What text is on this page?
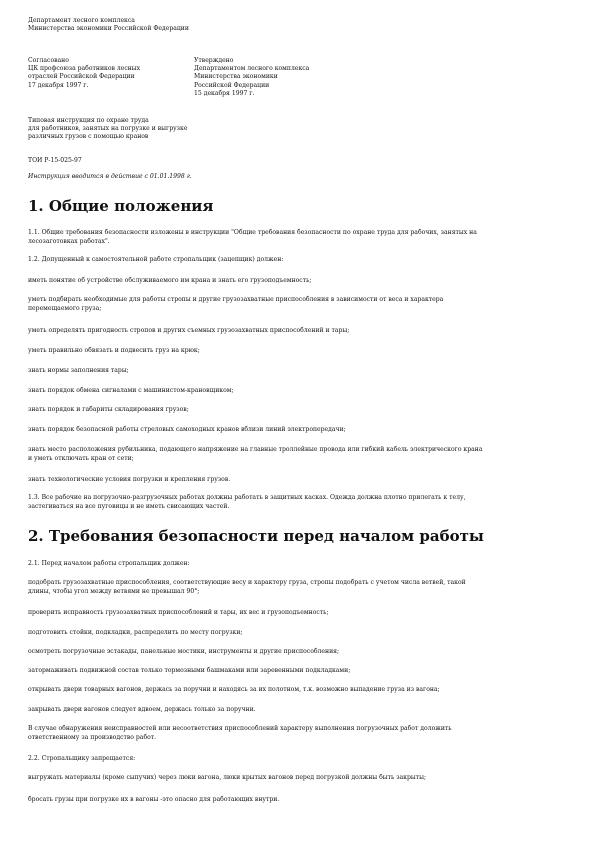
Департамент лесного комплекса
Министерства экономики Российской Федерации
Согласовано
ЦК профсоюза работников лесных
отраслей Российской Федерации
17 декабря 1997 г.
Утверждено
Департаментом лесного комплекса
Министерства экономики
Российской Федерации
15 декабря 1997 г.
Типовая инструкция по охране труда
для работников, занятых на погрузке и выгрузке
различных грузов с помощью кранов
ТОИ Р-15-025-97
Инструкция вводится в действие с 01.01.1998 г.
1. Общие положения
1.1. Общие требования безопасности изложены в инструкции "Общие требования безопасности по охране труда для рабочих, занятых на
лесозаготовках работах".
1.2. Допущенный к самостоятельной работе стропальщик (зацепщик) должен:
иметь понятие об устройстве обслуживаемого им крана и знать его грузоподъемность;
уметь подбирать необходимые для работы стропы и другие грузозахватные приспособления в зависимости от веса и характера
перемещаемого груза;
уметь определять пригодность стропов и других съемных грузозахватных приспособлений и тары;
уметь правильно обвязать и подвесить груз на крюк;
знать нормы заполнения тары;
знать порядок обмена сигналами с машинистом-крановщиком;
знать порядок и габариты складирования грузов;
знать порядок безопасной работы стреловых самоходных кранов вблизи линий электропередачи;
знать место расположения рубильника, подающего напряжение на главные троллейные провода или гибкий кабель электрического крана
и уметь отключать кран от сети;
знать технологические условия погрузки и крепления грузов.
1.3. Все рабочие на погрузочно-разгрузочных работах должны работать в защитных касках. Одежда должна плотно прилегать к телу,
застегиваться на все пуговицы и не иметь свисающих частей.
2. Требования безопасности перед началом работы
2.1. Перед началом работы стропальщик должен:
подобрать грузозахватные приспособления, соответствующие весу и характеру груза, стропы подобрать с учетом числа ветвей, такой
длины, чтобы угол между ветвями не превышал 90°;
проверить исправность грузозахватных приспособлений и тары, их вес и грузоподъемность;
подготовить стойки, подкладки, распределить по месту погрузки;
осмотреть погрузочные эстакады, панельные мостики, инструменты и другие приспособления;
затормаживать подвижной состав только тормозными башмаками или заревенными подкладками;
открывать двери товарных вагонов, держась за поручни и находясь за их полотном, т.к. возможно выпадение груза из вагона;
закрывать двери вагонов следует вдвоем, держась только за поручни.
В случае обнаружения неисправностей или несоответствия приспособлений характеру выполнения погрузочных работ доложить
ответственному за производство работ.
2.2. Стропальщику запрещается:
выгружать материалы (кроме сыпучих) через люки вагона, люки крытых вагонов перед погрузкой должны быть закрыты;
бросать грузы при погрузке их в вагоны -это опасно для работающих внутри.
